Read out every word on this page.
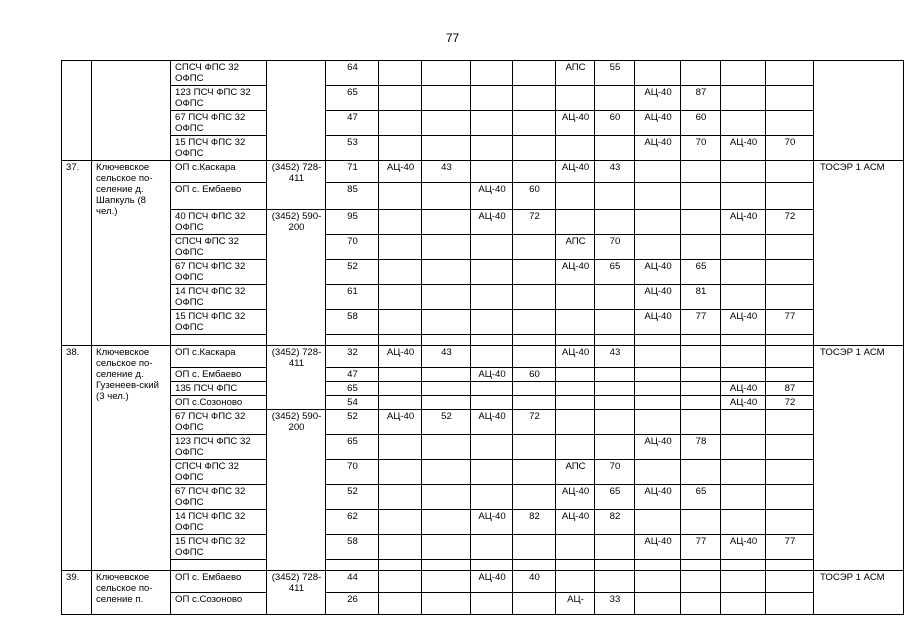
77
		СПСЧ ФПС 32 ОФПС		64					АПС	55					
		123 ПСЧ ФПС 32 ОФПС		65							АЦ-40	87			
		67 ПСЧ ФПС 32 ОФПС		47					АЦ-40	60	АЦ-40	60			
		15 ПСЧ ФПС 32 ОФПС		53							АЦ-40	70	АЦ-40	70	
37.	Ключевское сельское по-селение д. Шапкуль (8 чел.)	ОП с.Каскара	(3452) 728-411	71	АЦ-40	43			АЦ-40	43					ТОСЭР 1 АСМ
		ОП с. Ембаево		85			АЦ-40	60							
		40 ПСЧ ФПС 32 ОФПС	(3452) 590-200	95			АЦ-40	72					АЦ-40	72	
		СПСЧ ФПС 32 ОФПС		70					АПС	70					
		67 ПСЧ ФПС 32 ОФПС		52					АЦ-40	65	АЦ-40	65			
		14 ПСЧ ФПС 32 ОФПС		61							АЦ-40	81			
		15 ПСЧ ФПС 32 ОФПС		58							АЦ-40	77	АЦ-40	77	

38.	Ключевское сельское по-селение д. Гузенеев-ский (3 чел.)	ОП с.Каскара	(3452) 728-411	32	АЦ-40	43			АЦ-40	43					ТОСЭР 1 АСМ
		ОП с. Ембаево		47			АЦ-40	60							
		135 ПСЧ ФПС		65									АЦ-40	87	
		ОП с.Созоново		54									АЦ-40	72	
		67 ПСЧ ФПС 32 ОФПС	(3452) 590-200	52	АЦ-40	52	АЦ-40	72							
		123 ПСЧ ФПС 32 ОФПС		65							АЦ-40	78			
		СПСЧ ФПС 32 ОФПС		70					АПС	70					
		67 ПСЧ ФПС 32 ОФПС		52					АЦ-40	65	АЦ-40	65			
		14 ПСЧ ФПС 32 ОФПС		62			АЦ-40	82	АЦ-40	82					
		15 ПСЧ ФПС 32 ОФПС		58							АЦ-40	77	АЦ-40	77	

39.	Ключевское сельское по-селение п.	ОП с. Ембаево	(3452) 728-411	44			АЦ-40	40							ТОСЭР 1 АСМ
		ОП с.Созоново		26					АЦ-	33					
